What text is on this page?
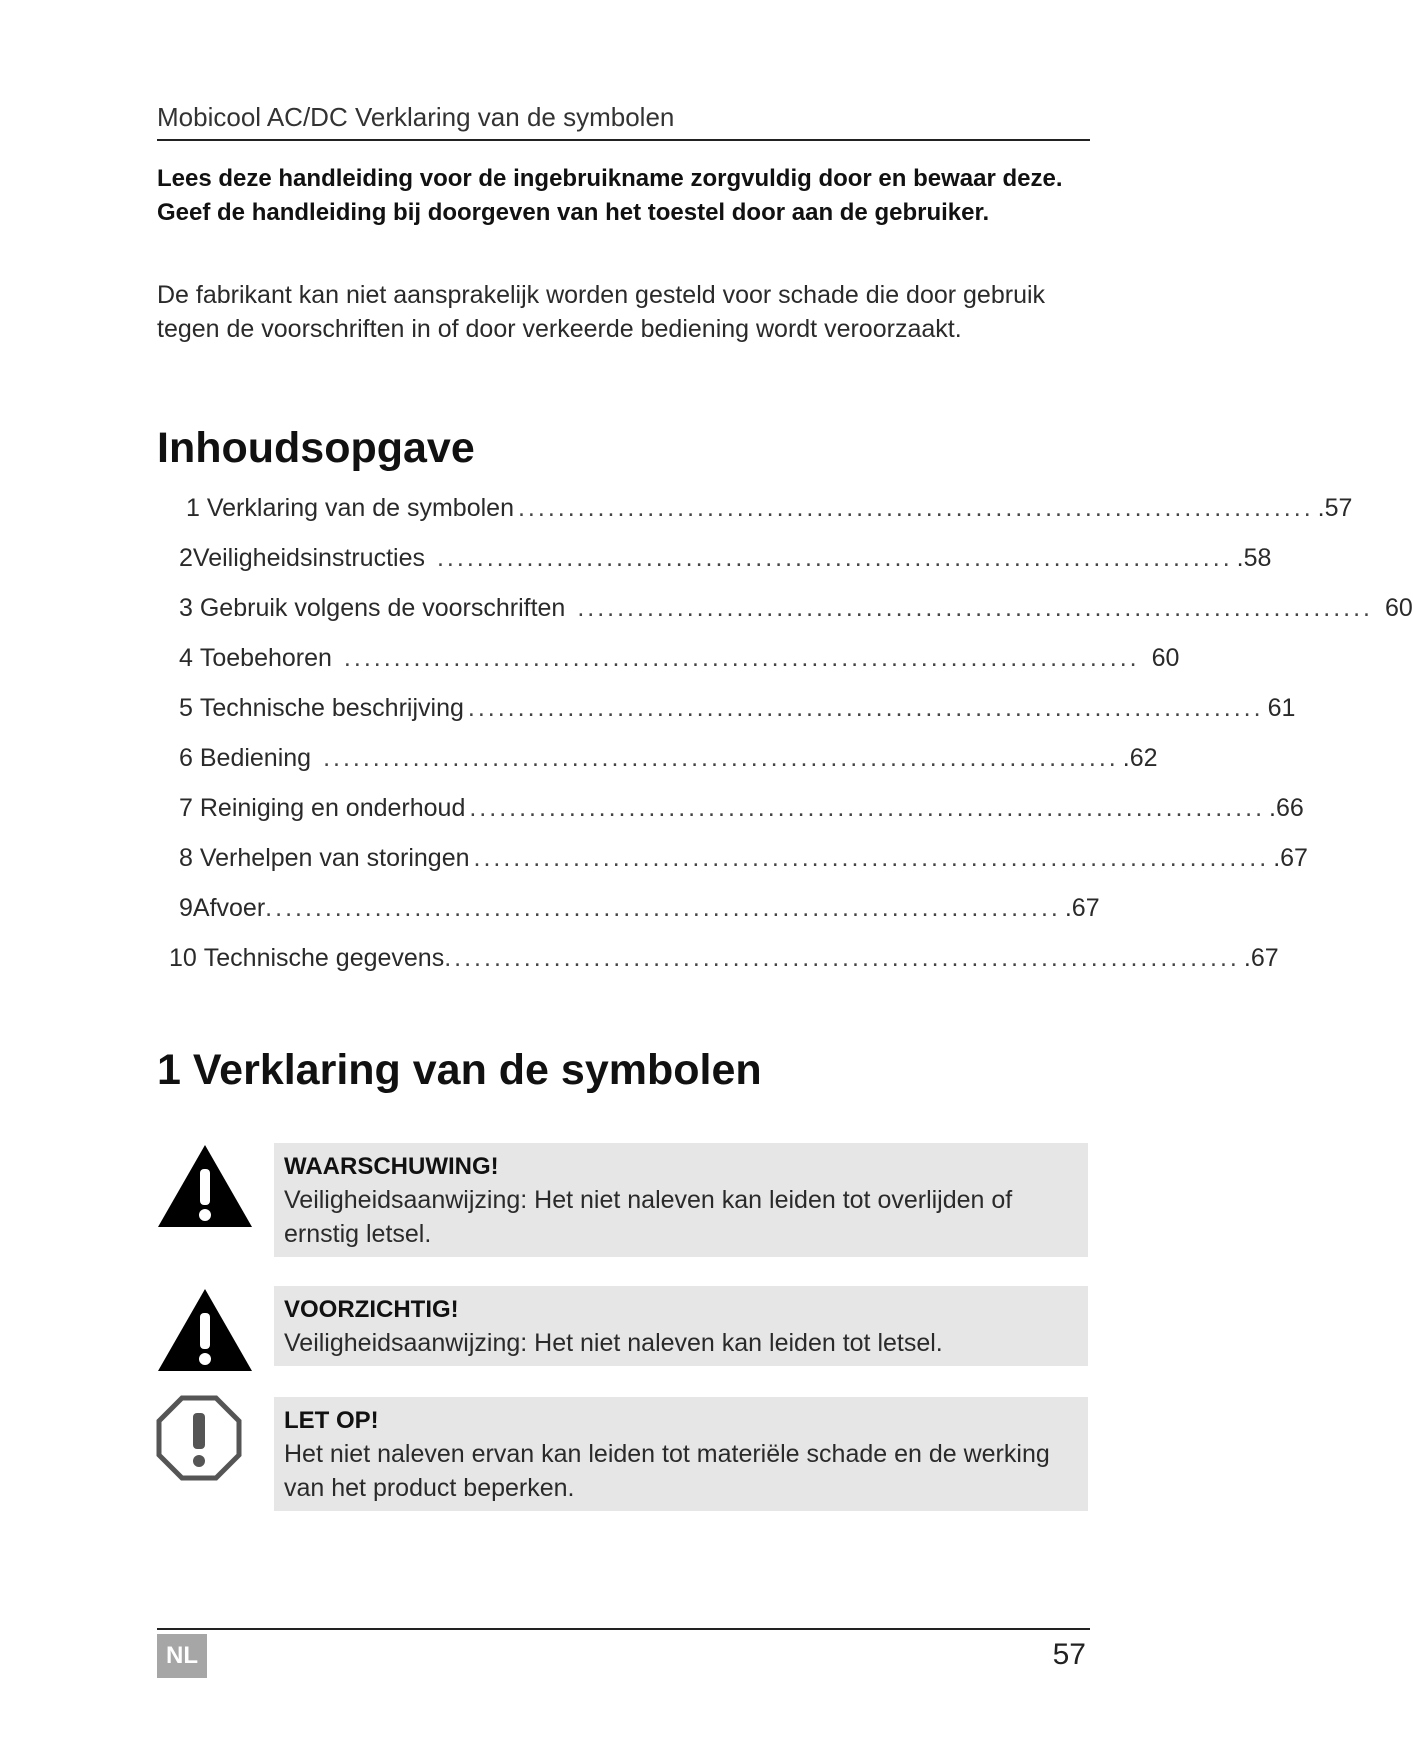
Mobicool AC/DC Verklaring van de symbolen
Lees deze handleiding voor de ingebruikname zorgvuldig door en bewaar deze. Geef de handleiding bij doorgeven van het toestel door aan de gebruiker.
De fabrikant kan niet aansprakelijk worden gesteld voor schade die door gebruik tegen de voorschriften in of door verkeerde bediening wordt veroorzaakt.
Inhoudsopgave
1
Verklaring van de symbolen ................................................................................ .57
2 Veiligheidsinstructies ................................................................................ .58
3
Gebruik volgens de voorschriften ................................................................................ 60
4
Toebehoren ................................................................................ 60
5
Technische beschrijving ................................................................................ 61
6
Bediening ................................................................................ .62
7
Reiniging en onderhoud ................................................................................ .66
8
Verhelpen van storingen ................................................................................ .67
9 Afvoer ................................................................................ .67
10
Technische gegevens ................................................................................ .67
1 Verklaring van de symbolen
WAARSCHUWING!
Veiligheidsaanwijzing: Het niet naleven kan leiden tot overlijden of ernstig letsel.
VOORZICHTIG!
Veiligheidsaanwijzing: Het niet naleven kan leiden tot letsel.
LET OP!
Het niet naleven ervan kan leiden tot materiële schade en de werking van het product beperken.
NL	57
